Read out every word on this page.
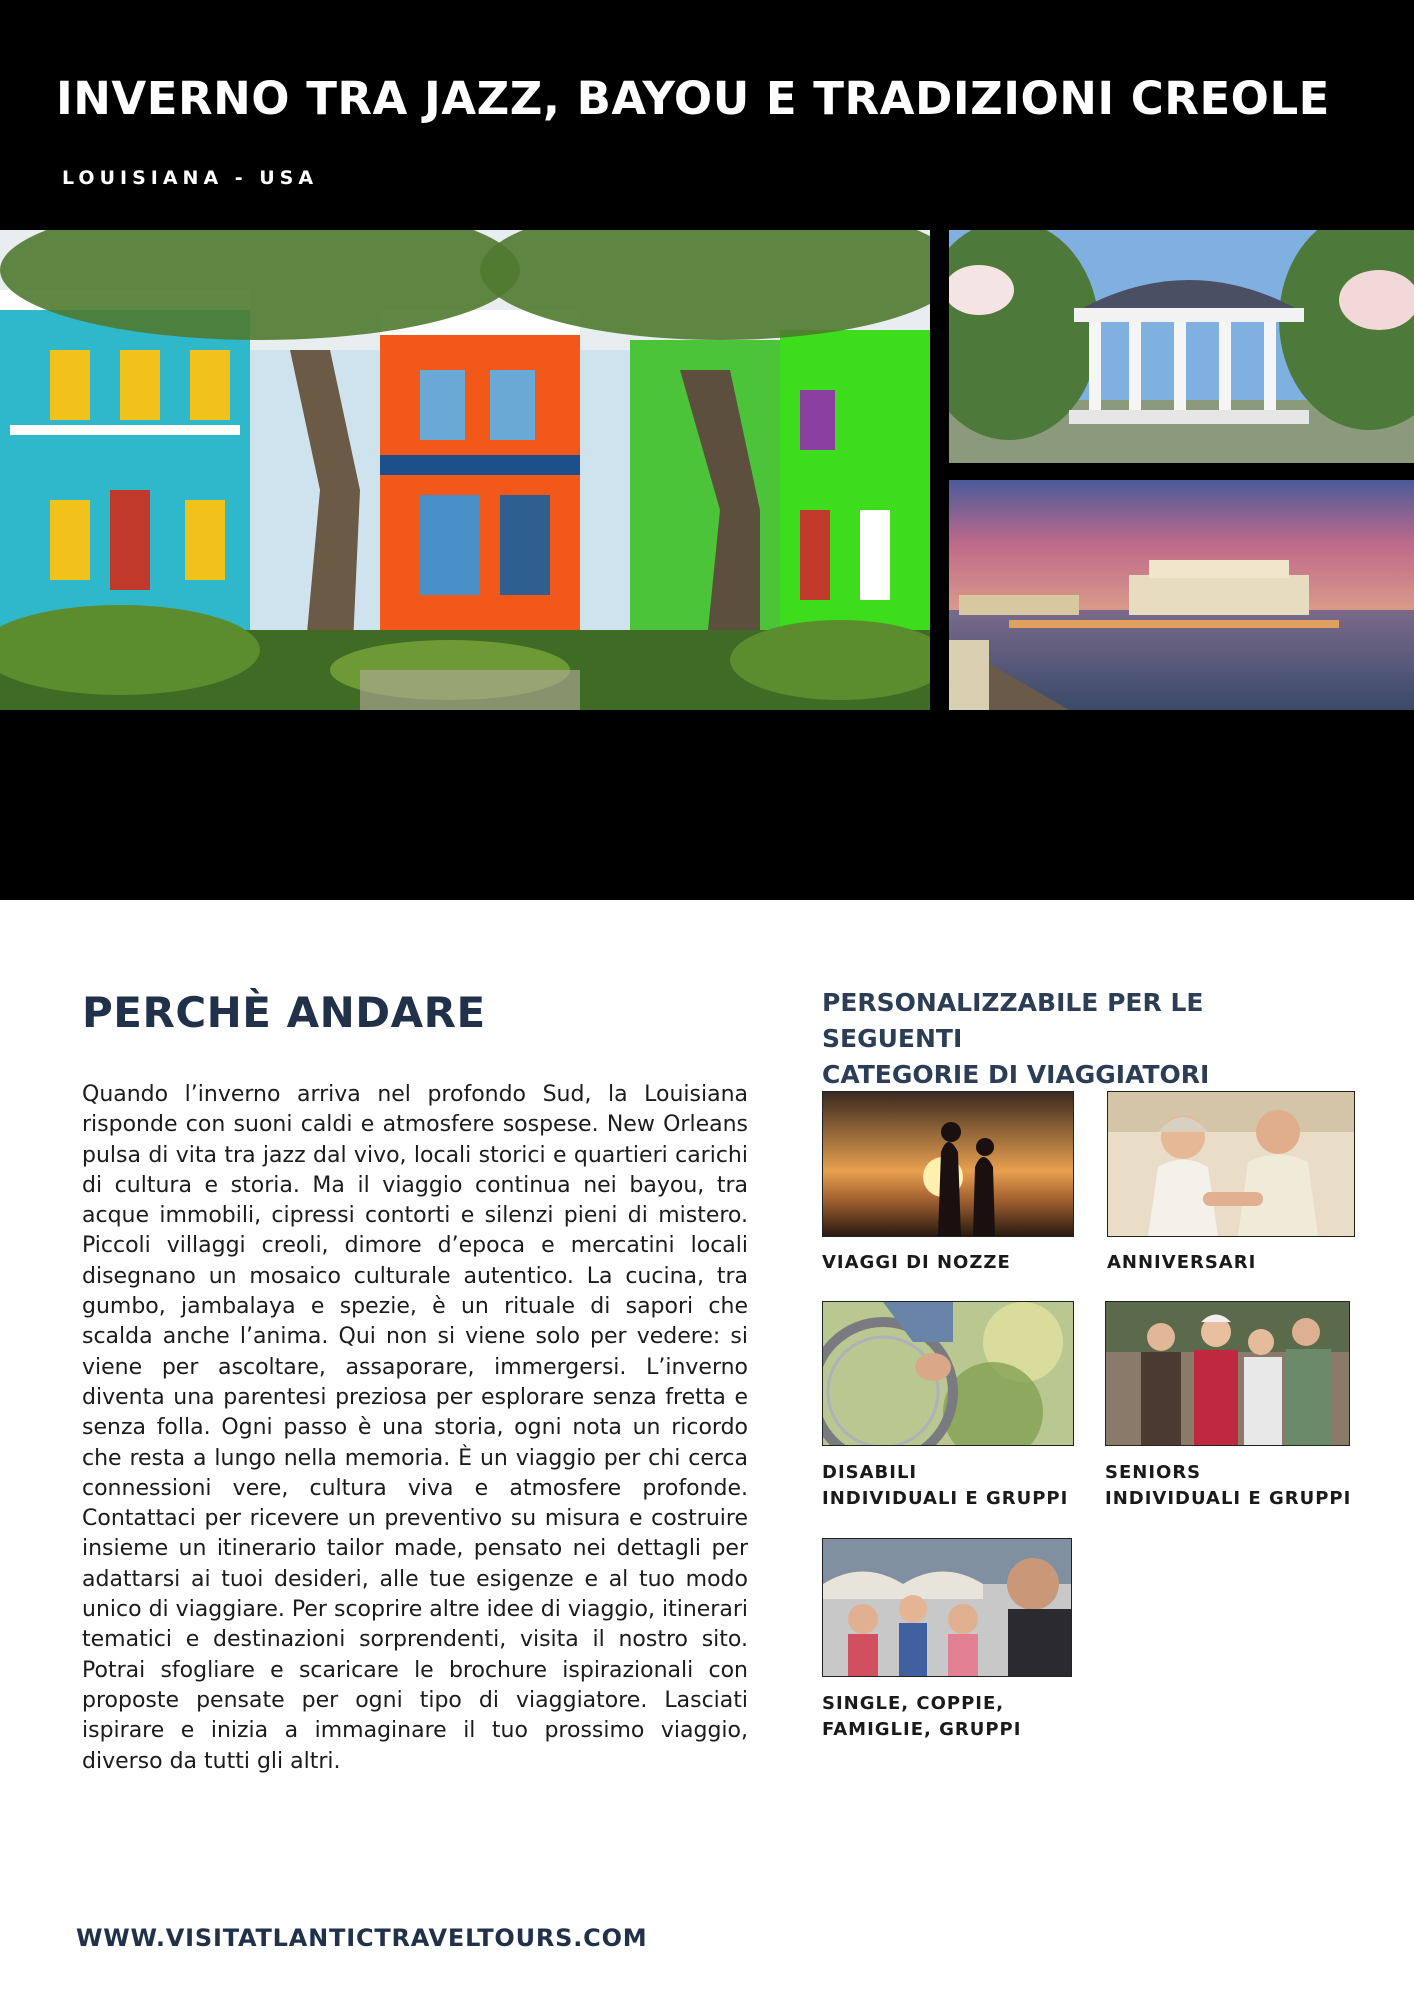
INVERNO TRA JAZZ, BAYOU E TRADIZIONI CREOLE
LOUISIANA - USA
PERCHÈ ANDARE
Quando l’inverno arriva nel profondo Sud, la Louisiana risponde con suoni caldi e atmosfere sospese. New Orleans pulsa di vita tra jazz dal vivo, locali storici e quartieri carichi di cultura e storia. Ma il viaggio continua nei bayou, tra acque immobili, cipressi contorti e silenzi pieni di mistero. Piccoli villaggi creoli, dimore d’epoca e mercatini locali disegnano un mosaico culturale autentico. La cucina, tra gumbo, jambalaya e spezie, è un rituale di sapori che scalda anche l’anima. Qui non si viene solo per vedere: si viene per ascoltare, assaporare, immergersi. L’inverno diventa una parentesi preziosa per esplorare senza fretta e senza folla. Ogni passo è una storia, ogni nota un ricordo che resta a lungo nella memoria. È un viaggio per chi cerca connessioni vere, cultura viva e atmosfere profonde. Contattaci per ricevere un preventivo su misura e costruire insieme un itinerario tailor made, pensato nei dettagli per adattarsi ai tuoi desideri, alle tue esigenze e al tuo modo unico di viaggiare. Per scoprire altre idee di viaggio, itinerari tematici e destinazioni sorprendenti, visita il nostro sito. Potrai sfogliare e scaricare le brochure ispirazionali con proposte pensate per ogni tipo di viaggiatore. Lasciati ispirare e inizia a immaginare il tuo prossimo viaggio, diverso da tutti gli altri.
PERSONALIZZABILE PER LE SEGUENTI
CATEGORIE DI VIAGGIATORI
VIAGGI DI NOZZE	ANNIVERSARI
DISABILI
INDIVIDUALI E GRUPPI
SENIORS
INDIVIDUALI E GRUPPI
SINGLE, COPPIE,
FAMIGLIE, GRUPPI
WWW.VISITATLANTICTRAVELTOURS.COM
